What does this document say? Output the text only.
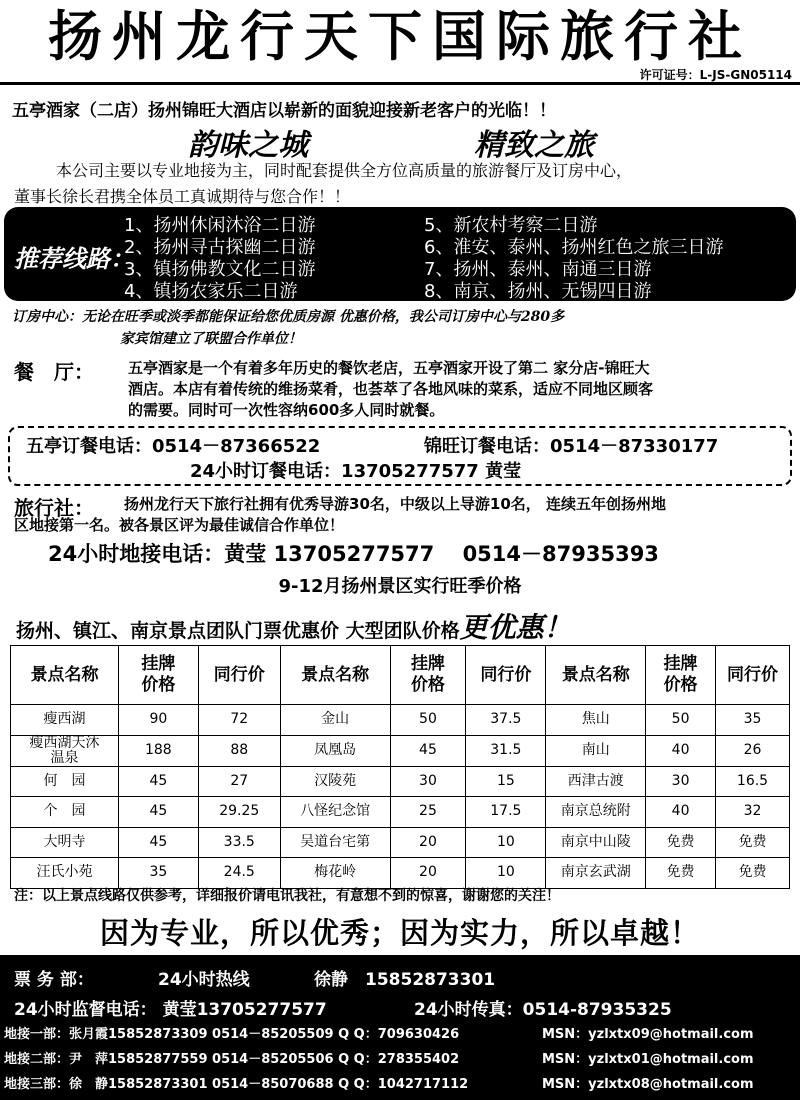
扬州龙行天下国际旅行社
许可证号：L-JS-GN05114
五亭酒家（二店）扬州锦旺大酒店以崭新的面貌迎接新老客户的光临！！
韵味之城	精致之旅
本公司主要以专业地接为主，同时配套提供全方位高质量的旅游餐厅及订房中心，
董事长徐长君携全体员工真诚期待与您合作！！
推荐线路：
1、扬州休闲沐浴二日游
2、扬州寻古探幽二日游
3、镇扬佛教文化二日游
4、镇扬农家乐二日游
5、新农村考察二日游
6、淮安、泰州、扬州红色之旅三日游
7、扬州、泰州、南通三日游
8、南京、扬州、无锡四日游
订房中心：无论在旺季或淡季都能保证给您优质房源 优惠价格，我公司订房中心与280多
家宾馆建立了联盟合作单位！
餐　厅： 五亭酒家是一个有着多年历史的餐饮老店，五亭酒家开设了第二 家分店-锦旺大
酒店。本店有着传统的维扬菜肴，也荟萃了各地风味的菜系，适应不同地区顾客
的需要。同时可一次性容纳600多人同时就餐。
五亭订餐电话：0514－87366522	锦旺订餐电话：0514－87330177
24小时订餐电话：13705277577 黄莹
旅行社： 扬州龙行天下旅行社拥有优秀导游30名，中级以上导游10名， 连续五年创扬州地
区地接第一名。被各景区评为最佳诚信合作单位！
24小时地接电话：黄莹 13705277577　 0514－87935393
9-12月扬州景区实行旺季价格
扬州、镇江、南京景点团队门票优惠价 大型团队价格更优惠！
景点名称	挂牌价格	同行价	景点名称	挂牌价格	同行价	景点名称	挂牌价格	同行价
瘦西湖	90	72	金山	50	37.5	焦山	50	35

瘦西湖天沐温泉	188	88	凤凰岛	45	31.5	南山	40	26
何　园	45	27	汉陵苑	30	15	西津古渡	30	16.5
个　园	45	29.25	八怪纪念馆	25	17.5	南京总统附	40	32
大明寺	45	33.5	吴道台宅第	20	10	南京中山陵	免费	免费
汪氏小苑	35	24.5	梅花岭	20	10	南京玄武湖	免费	免费
注：以上景点线路仅供参考，详细报价请电讯我社，有意想不到的惊喜，谢谢您的关注！
因为专业，所以优秀；因为实力，所以卓越！
票 务 部：	24小时热线	徐静　15852873301
24小时监督电话： 黄莹13705277577	24小时传真：0514-87935325
地接一部：张月霞15852873309 0514－85205509 Q Q：709630426	MSN：yzlxtx09@hotmail.com
地接二部：尹　萍15852877559 0514－85205506 Q Q：278355402	MSN：yzlxtx01@hotmail.com
地接三部：徐　静15852873301 0514－85070688 Q Q：1042717112	MSN：yzlxtx08@hotmail.com
